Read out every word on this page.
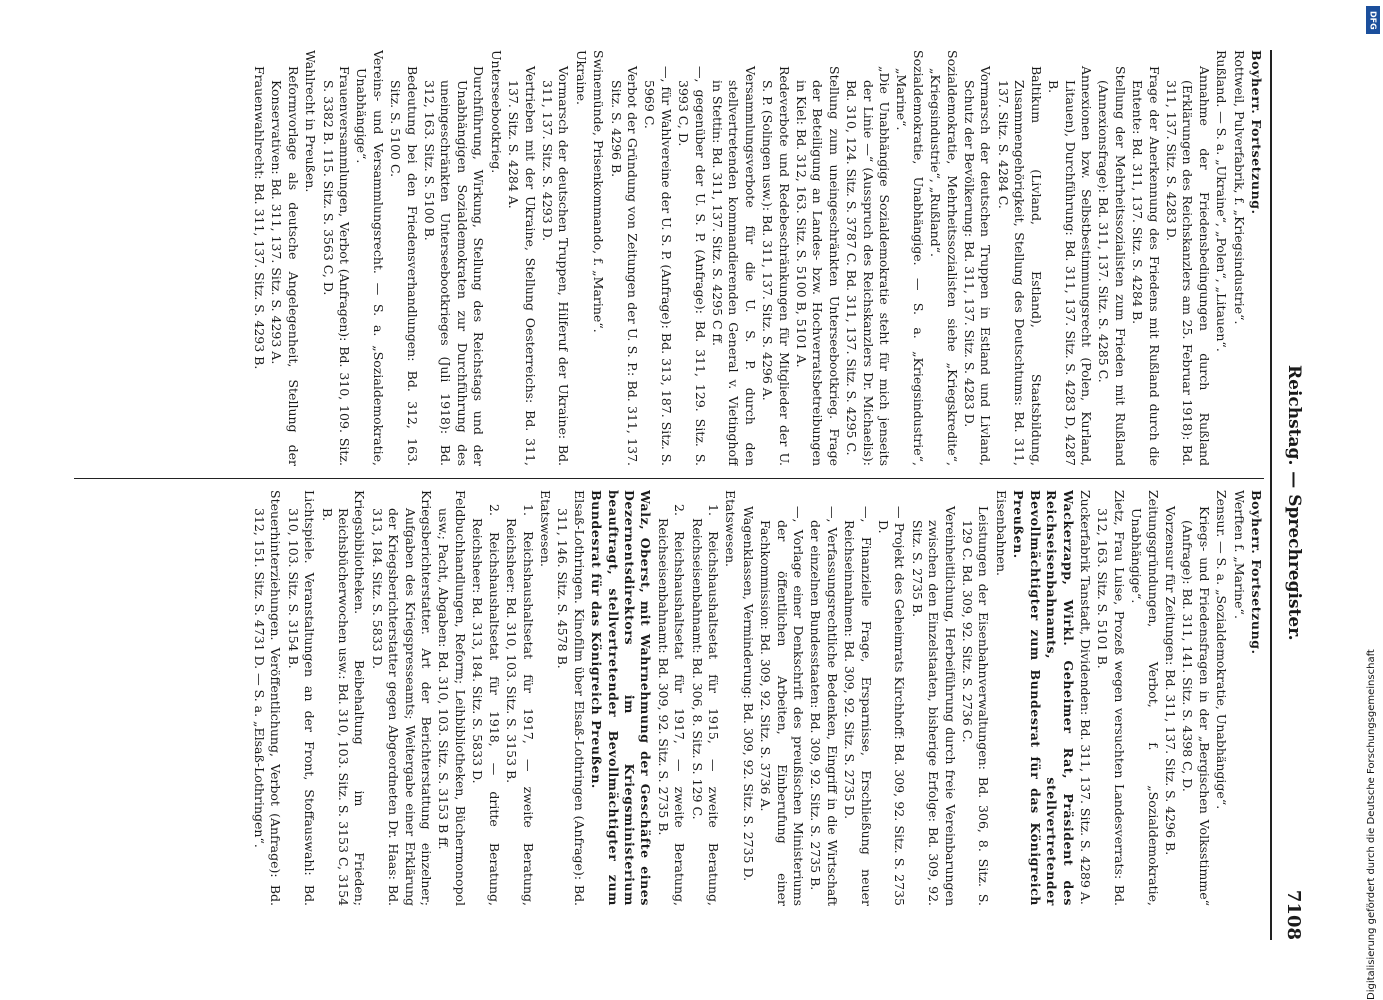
Reichstag. — Sprechregister.
7108

Boyherr. Fortsetzung.

Rottweil, Pulverfabrik, f. „Kriegsindustrie“.

Rußland. — S. a. „Ukraine“, „Polen“, „Litauen“.

Annahme der Friedensbedingungen durch Rußland (Erklärungen des Reichskanzlers am 25. Februar 1918): Bd. 311, 137. Sitz. S. 4283 D.

Frage der Anerkennung des Friedens mit Rußland durch die Entente: Bd. 311, 137. Sitz. S. 4284 B.

Stellung der Mehrheitssozialisten zum Frieden mit Rußland (Annexionsfrage): Bd. 311, 137. Sitz. S. 4285 C.

Annexionen bzw. Selbstbestimmungsrecht (Polen, Kurland, Litauen), Durchführung: Bd. 311, 137. Sitz. S. 4283 D, 4287 B.

Baltikum (Livland, Estland), Staatsbildung, Zusammengehörigkeit, Stellung des Deutschtums: Bd. 311, 137. Sitz. S. 4284 C.

Vormarsch der deutschen Truppen in Estland und Livland, Schutz der Bevölkerung: Bd. 311, 137. Sitz. S. 4283 D.

Sozialdemokratie, Mehrheitssozialisten siehe „Kriegskredite“, „Kriegsindustrie“, „Rußland“.

Sozialdemokratie, Unabhängige. — S. a. „Kriegsindustrie“, „Marine“.

„Die Unabhängige Sozialdemokratie steht für mich jenseits der Linie —“ (Ausspruch des Reichskanzlers Dr. Michaelis): Bd. 310, 124. Sitz. S. 3787 C. Bd. 311, 137. Sitz. S. 4295 C.

Stellung zum uneingeschränkten Unterseebootkrieg. Frage der Beteiligung an Landes- bzw. Hochverratsbetreibungen in Kiel: Bd. 312, 163. Sitz. S. 5100 B, 5101 A.

Redeverbote und Redebeschränkungen für Mitglieder der U. S. P. (Solingen usw.): Bd. 311, 137. Sitz. S. 4296 A.

Versammlungsverbote für die U. S. P. durch den stellvertretenden kommandierenden General v. Vietinghoff in Stettin: Bd. 311, 137. Sitz. S. 4295 C ff.

—, gegenüber der U. S. P. (Anfrage): Bd. 311, 129. Sitz. S. 3993 C, D.

—, für Wahlvereine der U. S. P. (Anfrage): Bd. 313, 187. Sitz. S. 5969 C.

Verbot der Gründung von Zeitungen der U. S. P.: Bd. 311, 137. Sitz. S. 4296 B.

Swinemünde, Prisenkommando, f. „Marine“.

Ukraine.

Vormarsch der deutschen Truppen, Hilferuf der Ukraine: Bd. 311, 137. Sitz. S. 4293 D.

Vertrieben mit der Ukraine, Stellung Oesterreichs: Bd. 311, 137. Sitz. S. 4284 A.

Unterseebootkrieg.

Durchführung, Wirkung, Stellung des Reichstags und der Unabhängigen Sozialdemokraten zur Durchführung des uneingeschränkten Unterseebootkrieges (Juli 1918): Bd. 312, 163. Sitz. S. 5100 B.

Bedeutung bei den Friedensverhandlungen: Bd. 312, 163. Sitz. S. 5100 C.

Vereins- und Versammlungsrecht. — S. a. „Sozialdemokratie, Unabhängige“.

Frauenversammlungen, Verbot (Anfragen): Bd. 310, 109. Sitz. S. 3382 B. 115. Sitz. S. 3563 C, D.

Wahlrecht in Preußen.

Reformvorlage als deutsche Angelegenheit, Stellung der Konservativen: Bd. 311, 137. Sitz. S. 4293 A.

Frauenwahlrecht: Bd. 311, 137. Sitz. S. 4293 B.

Boyherr. Fortsetzung.

Werften f. „Marine“.

Zensur. — S. a. „Sozialdemokratie, Unabhängige“.

Kriegs- und Friedensfragen in der „Bergischen Volksstimme“ (Anfrage): Bd. 311, 141. Sitz. S. 4398 C, D.

Vorzensur für Zeitungen: Bd. 311, 137. Sitz. S. 4296 B.

Zeitungsgründungen, Verbot, f. „Sozialdemokratie, Unabhängige“.

Zietz, Frau Luise, Prozeß wegen versuchten Landesverrats: Bd. 312, 163. Sitz. S. 5101 B.

Zuckerfabrik Tanstadt, Dividenden: Bd. 311, 137. Sitz. S. 4289 A.

Wackerzapp, Wirkl. Geheimer Rat, Präsident des Reichseisenbahnamts, stellvertretender Bevollmächtigter zum Bundesrat für das Königreich Preußen.

Eisenbahnen.

Leistungen der Eisenbahnverwaltungen: Bd. 306, 8. Sitz. S. 129 C. Bd. 309, 92. Sitz. S. 2736 C.

Vereinheitlichung, Herbeiführung durch freie Vereinbarungen zwischen den Einzelstaaten, bisherige Erfolge: Bd. 309, 92. Sitz. S. 2735 B.

— Projekt des Geheimrats Kirchhoff: Bd. 309, 92. Sitz. S. 2735 D.

—, Finanzielle Frage, Ersparnisse, Erschließung neuer Reichseinnahmen: Bd. 309, 92. Sitz. S. 2735 D.

—, Verfassungsrechtliche Bedenken, Eingriff in die Wirtschaft der einzelnen Bundesstaaten: Bd. 309, 92. Sitz. S. 2735 B.

—, Vorlage einer Denkschrift des preußischen Ministeriums der öffentlichen Arbeiten, Einberufung einer Fachkommission: Bd. 309, 92. Sitz. S. 3736 A.

Wagenklassen, Verminderung: Bd. 309, 92. Sitz. S. 2735 D.

Etatswesen.

1. Reichshaushaltsetat für 1915, — zweite Beratung, Reichseisenbahnamt: Bd. 306, 8. Sitz. S. 129 C.

2. Reichshaushaltsetat für 1917, — zweite Beratung, Reichseisenbahnamt: Bd. 309, 92. Sitz. S. 2735 B.

Walz, Oberst, mit Wahrnehmung der Geschäfte eines Dezernentsdirektors im Kriegsministerium beauftragt, stellvertretender Bevollmächtigter zum Bundesrat für das Königreich Preußen.

Elsaß-Lothringen. Kinofilm über Elsaß-Lothringen (Anfrage): Bd. 311, 146. Sitz. S. 4578 B.

Etatswesen.

1. Reichshaushaltsetat für 1917, — zweite Beratung, Reichsheer: Bd. 310, 103. Sitz. S. 3153 B.

2. Reichshaushaltsetat für 1918, — dritte Beratung, Reichsheer: Bd. 313, 184. Sitz. S. 5833 D.

Feldbuchhandlungen, Reform; Leihbibliotheken, Büchermonopol usw.; Pacht, Abgaben: Bd. 310, 103. Sitz. S. 3153 B ff.

Kriegsberichterstatter. Art der Berichterstattung einzelner; Aufgaben des Kriegspresseamts; Weitergabe einer Erklärung der Kriegsberichterstatter gegen Abgeordneten Dr. Haas: Bd. 313, 184. Sitz. S. 5833 D.

Kriegsbibliotheken. Beibehaltung im Frieden; Reichsbücherwochen usw.: Bd. 310, 103. Sitz. S. 3153 C, 3154 B.

Lichtspiele. Veranstaltungen an der Front, Stoffauswahl: Bd. 310, 103. Sitz. S. 3154 B.

Steuerhinterziehungen. Veröffentlichung, Verbot (Anfrage): Bd. 312, 151. Sitz. S. 4731 D. — S. a. „Elsaß-Lothringen“.	Digitalisierung gefördert durch die Deutsche Forschungsgemeinschaft
DFG
